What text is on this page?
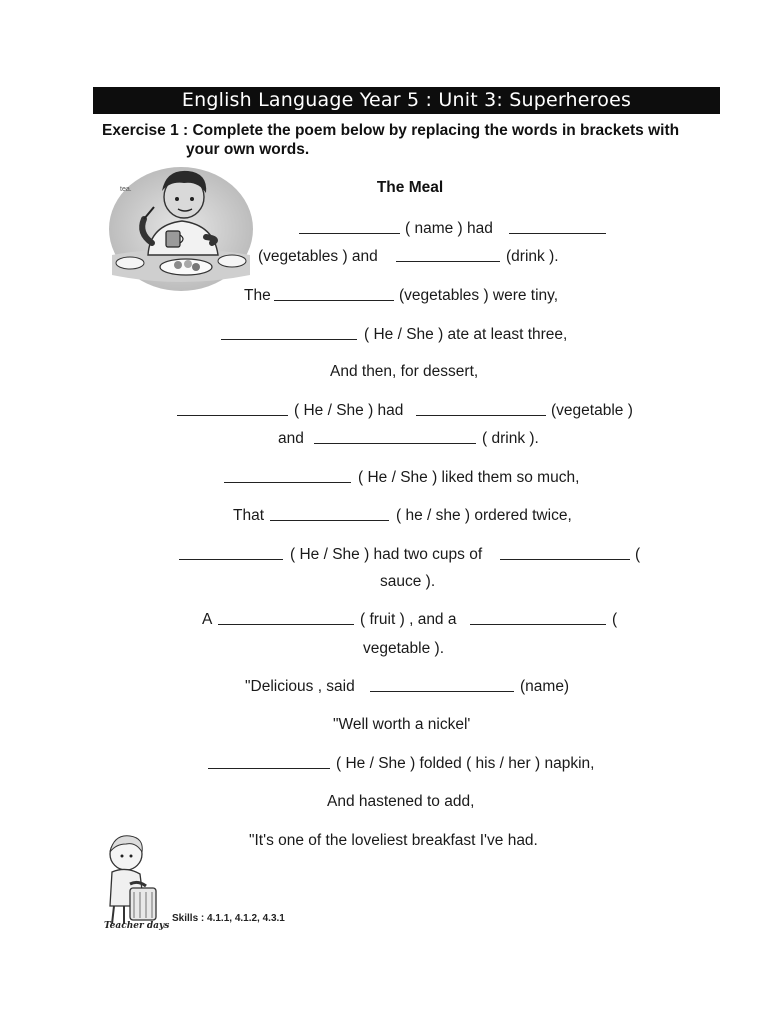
English Language Year 5 : Unit 3: Superheroes
Exercise 1 : Complete the poem below by replacing the words in brackets with
your own words.
tea.	The Meal
( name ) had
(vegetables ) and	(drink ).
The	(vegetables ) were tiny,
( He / She ) ate at least three,
And then, for dessert,
( He / She ) had	(vegetable )
and	( drink ).
( He / She ) liked them so much,
That	( he / she ) ordered twice,
( He / She ) had two cups of	(
sauce ).
A	( fruit ) , and a	(
vegetable ).
"Delicious , said	(name)
"Well worth a nickel'
( He / She ) folded ( his / her ) napkin,
And hastened to add,
"It's one of the loveliest breakfast I've had.
Teacher days
Skills : 4.1.1, 4.1.2, 4.3.1
